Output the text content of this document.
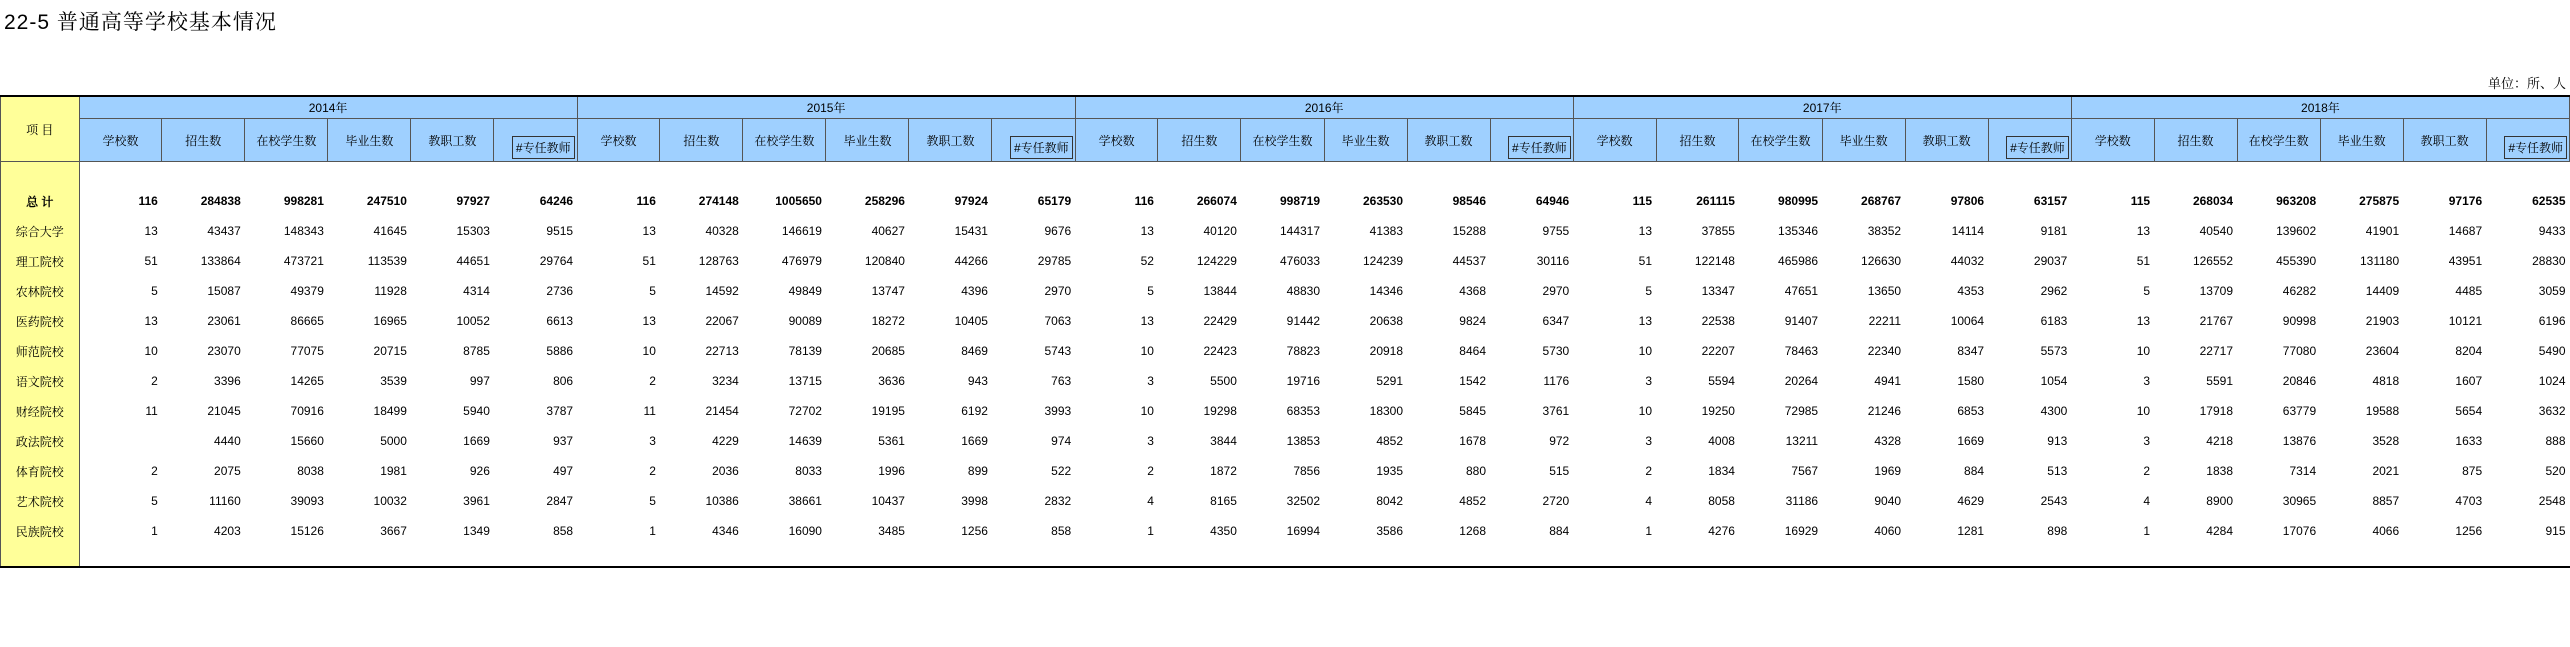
22-5 普通高等学校基本情况
单位：所、人
项 目	2014年						2015年						2016年						2017年						2018年					
	学校数	招生数	在校学生数	毕业生数	教职工数	#专任教师	学校数	招生数	在校学生数	毕业生数	教职工数	#专任教师	学校数	招生数	在校学生数	毕业生数	教职工数	#专任教师	学校数	招生数	在校学生数	毕业生数	教职工数	#专任教师	学校数	招生数	在校学生数	毕业生数	教职工数	#专任教师

总 计	116	284838	998281	247510	97927	64246	116	274148	1005650	258296	97924	65179	116	266074	998719	263530	98546	64946	115	261115	980995	268767	97806	63157	115	268034	963208	275875	97176	62535
综合大学	13	43437	148343	41645	15303	9515	13	40328	146619	40627	15431	9676	13	40120	144317	41383	15288	9755	13	37855	135346	38352	14114	9181	13	40540	139602	41901	14687	9433
理工院校	51	133864	473721	113539	44651	29764	51	128763	476979	120840	44266	29785	52	124229	476033	124239	44537	30116	51	122148	465986	126630	44032	29037	51	126552	455390	131180	43951	28830
农林院校	5	15087	49379	11928	4314	2736	5	14592	49849	13747	4396	2970	5	13844	48830	14346	4368	2970	5	13347	47651	13650	4353	2962	5	13709	46282	14409	4485	3059
医药院校	13	23061	86665	16965	10052	6613	13	22067	90089	18272	10405	7063	13	22429	91442	20638	9824	6347	13	22538	91407	22211	10064	6183	13	21767	90998	21903	10121	6196
师范院校	10	23070	77075	20715	8785	5886	10	22713	78139	20685	8469	5743	10	22423	78823	20918	8464	5730	10	22207	78463	22340	8347	5573	10	22717	77080	23604	8204	5490
语文院校	2	3396	14265	3539	997	806	2	3234	13715	3636	943	763	3	5500	19716	5291	1542	1176	3	5594	20264	4941	1580	1054	3	5591	20846	4818	1607	1024
财经院校	11	21045	70916	18499	5940	3787	11	21454	72702	19195	6192	3993	10	19298	68353	18300	5845	3761	10	19250	72985	21246	6853	4300	10	17918	63779	19588	5654	3632
政法院校		4440	15660	5000	1669	937	3	4229	14639	5361	1669	974	3	3844	13853	4852	1678	972	3	4008	13211	4328	1669	913	3	4218	13876	3528	1633	888
体育院校	2	2075	8038	1981	926	497	2	2036	8033	1996	899	522	2	1872	7856	1935	880	515	2	1834	7567	1969	884	513	2	1838	7314	2021	875	520
艺术院校	5	11160	39093	10032	3961	2847	5	10386	38661	10437	3998	2832	4	8165	32502	8042	4852	2720	4	8058	31186	9040	4629	2543	4	8900	30965	8857	4703	2548
民族院校	1	4203	15126	3667	1349	858	1	4346	16090	3485	1256	858	1	4350	16994	3586	1268	884	1	4276	16929	4060	1281	898	1	4284	17076	4066	1256	915
